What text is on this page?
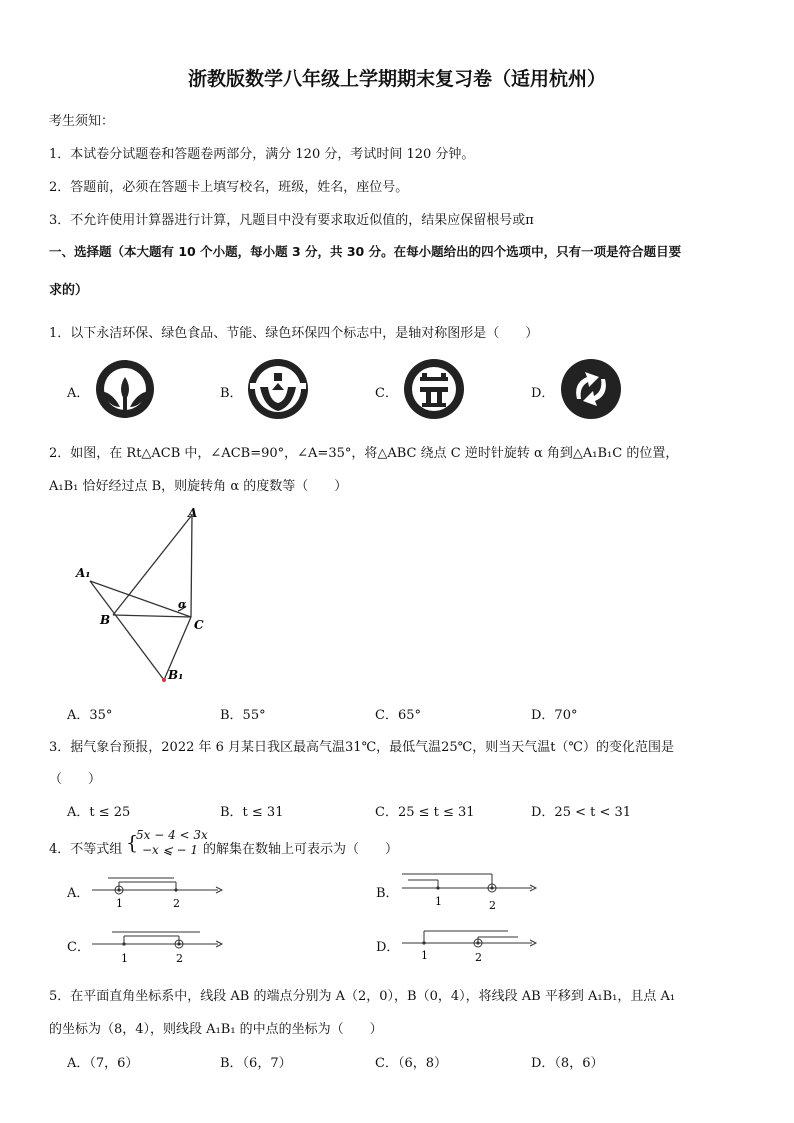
浙教版数学八年级上学期期末复习卷（适用杭州）
考生须知：
1．本试卷分试题卷和答题卷两部分，满分 120 分，考试时间 120 分钟。
2．答题前，必须在答题卡上填写校名，班级，姓名，座位号。
3．不允许使用计算器进行计算，凡题目中没有要求取近似值的，结果应保留根号或π
一、选择题（本大题有 10 个小题，每小题 3 分，共 30 分。在每小题给出的四个选项中，只有一项是符合题目要
求的）
1．以下永洁环保、绿色食品、节能、绿色环保四个标志中，是轴对称图形是（　　）
A．	B．	C．	D．
2．如图，在 Rt△ACB 中，∠ACB=90°，∠A=35°，将△ABC 绕点 C 逆时针旋转 α 角到△A₁B₁C 的位置，
A₁B₁ 恰好经过点 B，则旋转角 α 的度数等（　　）
A
A₁
B	C
B₁
α
A．35°	B．55°	C．65°	D．70°
3．据气象台预报，2022 年 6 月某日我区最高气温31℃，最低气温25℃，则当天气温t（℃）的变化范围是
（　　）
A．t ≤ 25	B．t ≤ 31	C．25 ≤ t ≤ 31	D．25 < t < 31
4．不等式组 {
5x − 4 < 3x
−x ⩽ − 1 的解集在数轴上可表示为（　　）
A．	B．
C．	D．
1	2	1	2
1	2	1	2
5．在平面直角坐标系中，线段 AB 的端点分别为 A（2，0），B（0，4），将线段 AB 平移到 A₁B₁，且点 A₁
的坐标为（8，4），则线段 A₁B₁ 的中点的坐标为（　　）
A．（7，6）	B．（6，7）	C．（6，8）	D．（8，6）
